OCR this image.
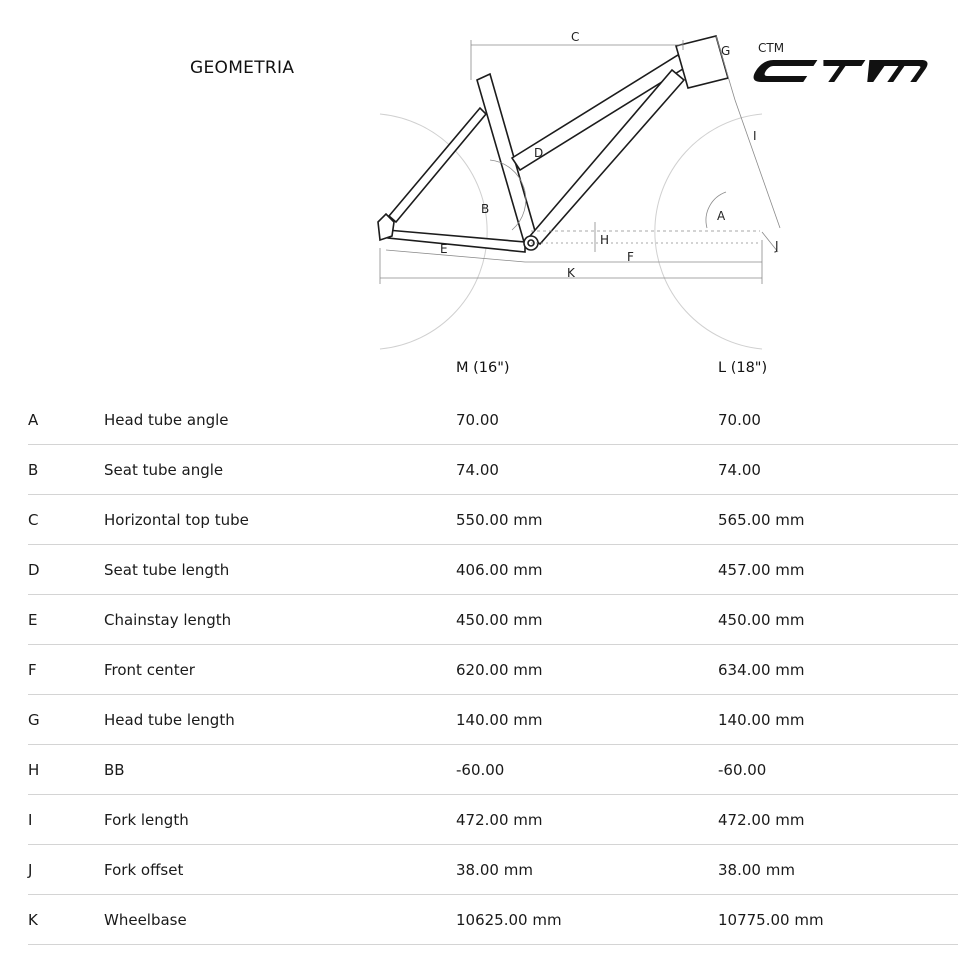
GEOMETRIA
CTM
C
G
I
D
A
B
H
E
F
J
K
M (16")	L (18")
A	Head tube angle	70.00	70.00
B	Seat tube angle	74.00	74.00
C	Horizontal top tube	550.00 mm	565.00 mm
D	Seat tube length	406.00 mm	457.00 mm
E	Chainstay length	450.00 mm	450.00 mm
F	Front center	620.00 mm	634.00 mm
G	Head tube length	140.00 mm	140.00 mm
H	BB	-60.00	-60.00
I	Fork length	472.00 mm	472.00 mm
J	Fork offset	38.00 mm	38.00 mm
K	Wheelbase	10625.00 mm	10775.00 mm
